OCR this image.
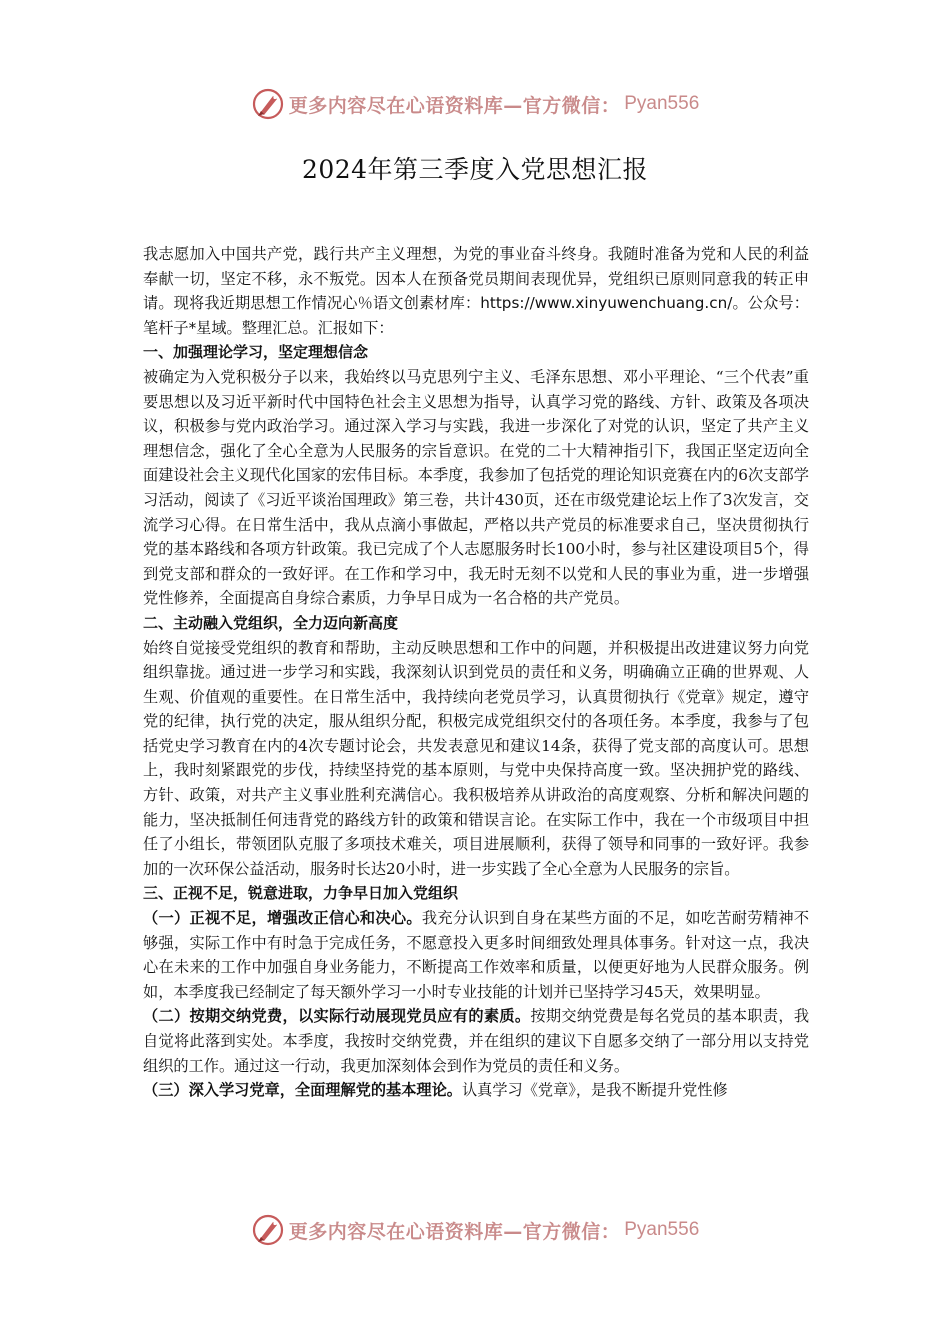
更多内容尽在心语资料库—官方微信： Pyan556
2024年第三季度入党思想汇报

我志愿加入中国共产党，践行共产主义理想，为党的事业奋斗终身。我随时准备为党和人民的利益奉献一切，坚定不移，永不叛党。因本人在预备党员期间表现优异，党组织已原则同意我的转正申请。现将我近期思想工作情况心％语文创素材库：https://www.xinyuwenchuang.cn/。公众号：笔杆子*星域。整理汇总。汇报如下：

一、加强理论学习，坚定理想信念

被确定为入党积极分子以来，我始终以马克思列宁主义、毛泽东思想、邓小平理论、“三个代表”重要思想以及习近平新时代中国特色社会主义思想为指导，认真学习党的路线、方针、政策及各项决议，积极参与党内政治学习。通过深入学习与实践，我进一步深化了对党的认识，坚定了共产主义理想信念，强化了全心全意为人民服务的宗旨意识。在党的二十大精神指引下，我国正坚定迈向全面建设社会主义现代化国家的宏伟目标。本季度，我参加了包括党的理论知识竞赛在内的6次支部学习活动，阅读了《习近平谈治国理政》第三卷，共计430页，还在市级党建论坛上作了3次发言，交流学习心得。在日常生活中，我从点滴小事做起，严格以共产党员的标准要求自己，坚决贯彻执行党的基本路线和各项方针政策。我已完成了个人志愿服务时长100小时，参与社区建设项目5个，得到党支部和群众的一致好评。在工作和学习中，我无时无刻不以党和人民的事业为重，进一步增强党性修养，全面提高自身综合素质，力争早日成为一名合格的共产党员。

二、主动融入党组织，全力迈向新高度

始终自觉接受党组织的教育和帮助，主动反映思想和工作中的问题，并积极提出改进建议努力向党组织靠拢。通过进一步学习和实践，我深刻认识到党员的责任和义务，明确确立正确的世界观、人生观、价值观的重要性。在日常生活中，我持续向老党员学习，认真贯彻执行《党章》规定，遵守党的纪律，执行党的决定，服从组织分配，积极完成党组织交付的各项任务。本季度，我参与了包括党史学习教育在内的4次专题讨论会，共发表意见和建议14条，获得了党支部的高度认可。思想上，我时刻紧跟党的步伐，持续坚持党的基本原则，与党中央保持高度一致。坚决拥护党的路线、方针、政策，对共产主义事业胜利充满信心。我积极培养从讲政治的高度观察、分析和解决问题的能力，坚决抵制任何违背党的路线方针的政策和错误言论。在实际工作中，我在一个市级项目中担任了小组长，带领团队克服了多项技术难关，项目进展顺利，获得了领导和同事的一致好评。我参加的一次环保公益活动，服务时长达20小时，进一步实践了全心全意为人民服务的宗旨。

三、正视不足，锐意进取，力争早日加入党组织

（一）正视不足，增强改正信心和决心。我充分认识到自身在某些方面的不足，如吃苦耐劳精神不够强，实际工作中有时急于完成任务，不愿意投入更多时间细致处理具体事务。针对这一点，我决心在未来的工作中加强自身业务能力，不断提高工作效率和质量，以便更好地为人民群众服务。例如，本季度我已经制定了每天额外学习一小时专业技能的计划并已坚持学习45天，效果明显。

（二）按期交纳党费，以实际行动展现党员应有的素质。按期交纳党费是每名党员的基本职责，我自觉将此落到实处。本季度，我按时交纳党费，并在组织的建议下自愿多交纳了一部分用以支持党组织的工作。通过这一行动，我更加深刻体会到作为党员的责任和义务。

（三）深入学习党章，全面理解党的基本理论。认真学习《党章》，是我不断提升党性修

更多内容尽在心语资料库—官方微信： Pyan556
